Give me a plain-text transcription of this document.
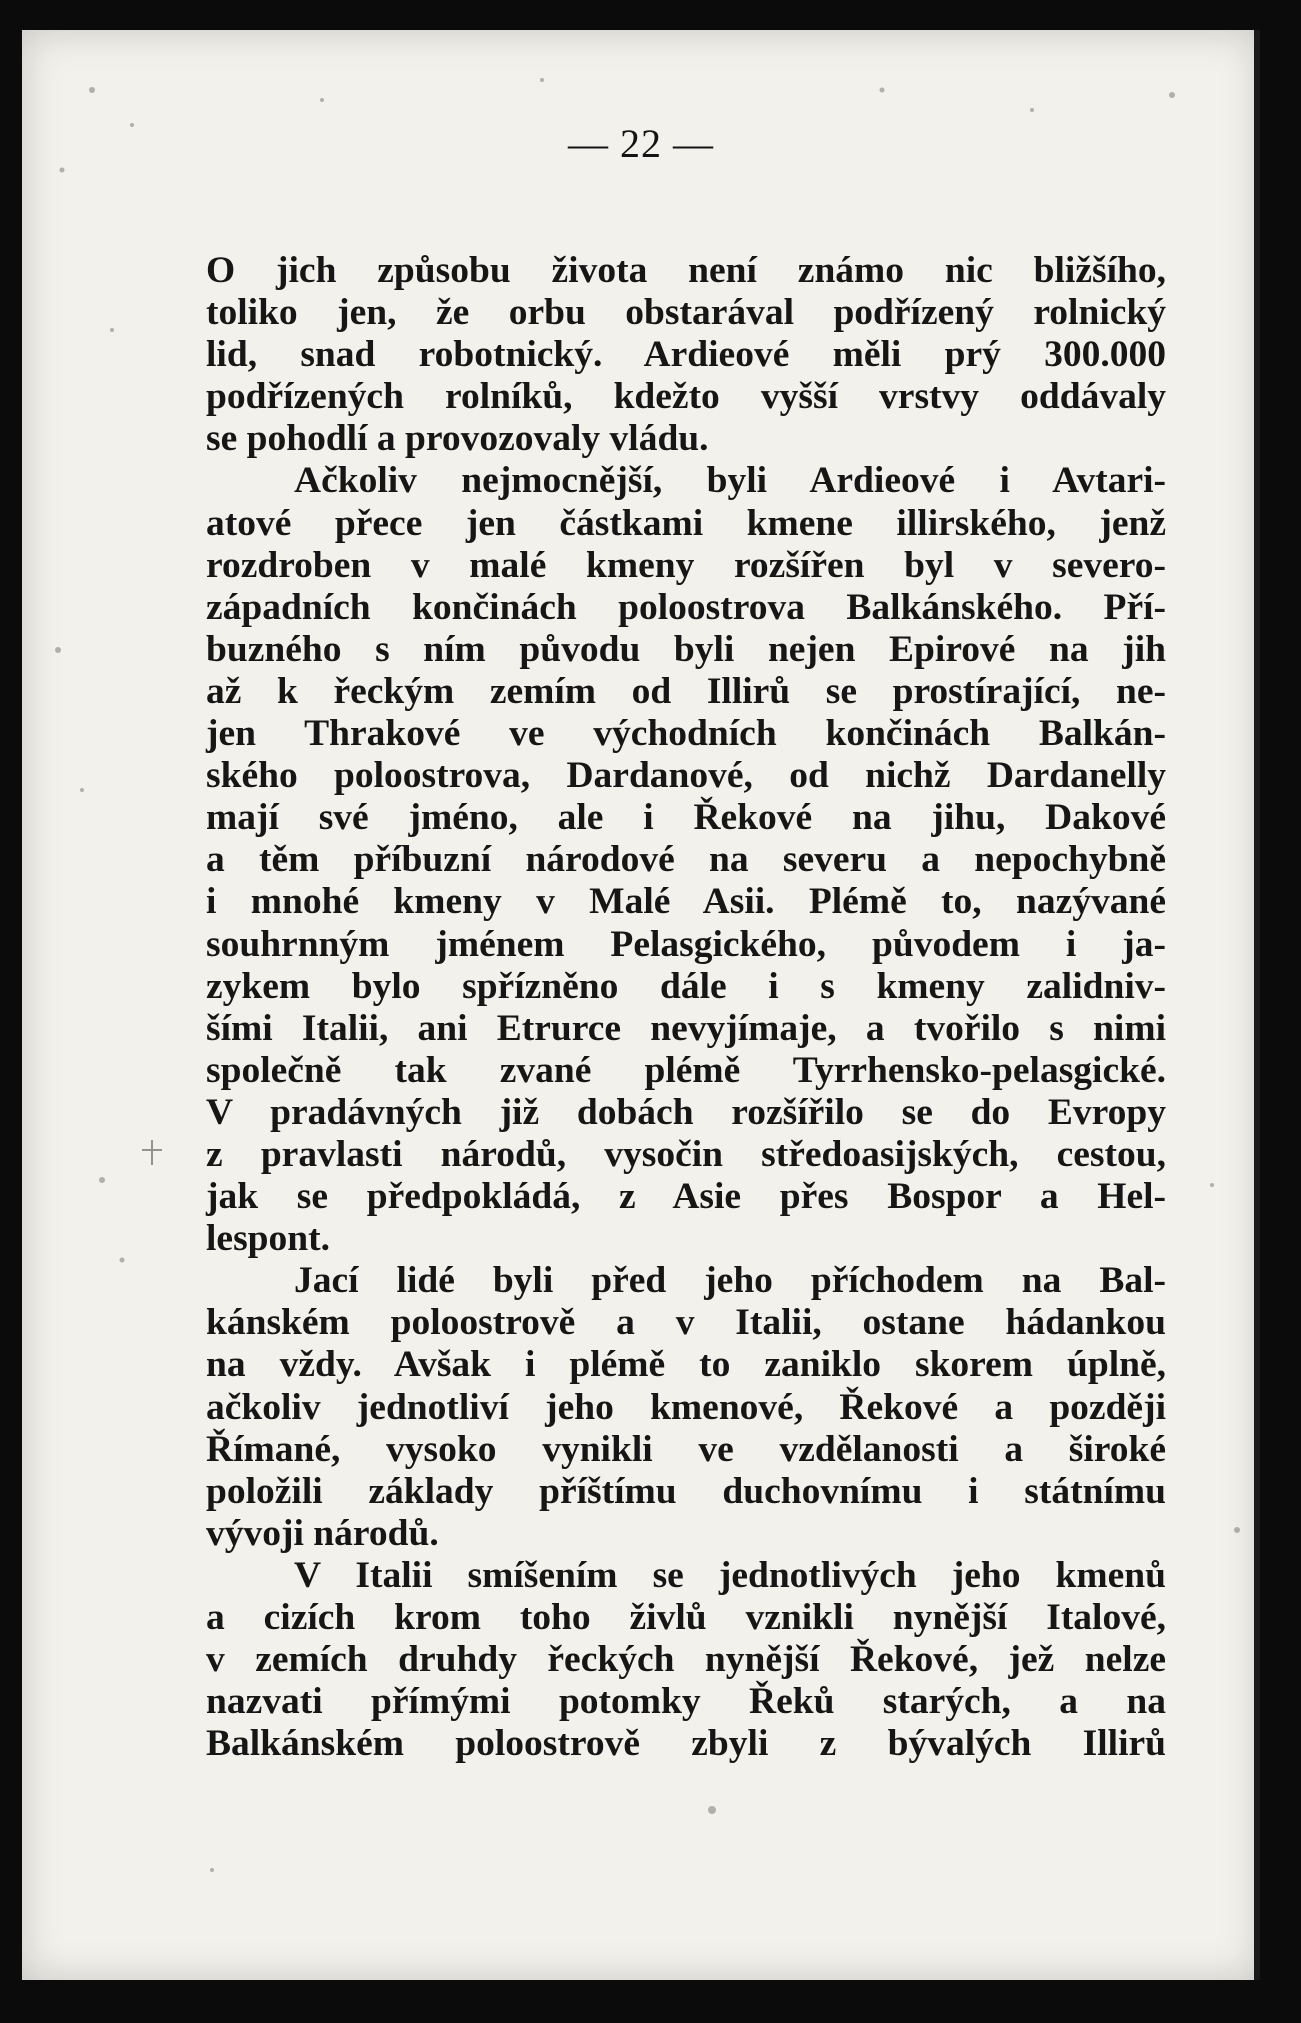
— 22 —
O jich způsobu života není známo nic bližšího,
toliko jen, že orbu obstarával podřízený rolnický
lid, snad robotnický. Ardieové měli prý 300.000
podřízených rolníků, kdežto vyšší vrstvy oddávaly
se pohodlí a provozovaly vládu.
Ačkoliv nejmocnější, byli Ardieové i Avtari-
atové přece jen částkami kmene illirského, jenž
rozdroben v malé kmeny rozšířen byl v severo-
západních končinách poloostrova Balkánského. Pří-
buzného s ním původu byli nejen Epirové na jih
až k řeckým zemím od Illirů se prostírající, ne-
jen Thrakové ve východních končinách Balkán-
ského poloostrova, Dardanové, od nichž Dardanelly
mají své jméno, ale i Řekové na jihu, Dakové
a těm příbuzní národové na severu a nepochybně
i mnohé kmeny v Malé Asii. Plémě to, nazývané
souhrnným jménem Pelasgického, původem i ja-
zykem bylo spřízněno dále i s kmeny zalidniv-
šími Italii, ani Etrurce nevyjímaje, a tvořilo s nimi
společně tak zvané plémě Tyrrhensko-pelasgické.
V pradávných již dobách rozšířilo se do Evropy
z pravlasti národů, vysočin středoasijských, cestou,
jak se předpokládá, z Asie přes Bospor a Hel-
lespont.
Jací lidé byli před jeho příchodem na Bal-
kánském poloostrově a v Italii, ostane hádankou
na vždy. Avšak i plémě to zaniklo skorem úplně,
ačkoliv jednotliví jeho kmenové, Řekové a později
Římané, vysoko vynikli ve vzdělanosti a široké
položili základy příštímu duchovnímu i státnímu
vývoji národů.
V Italii smíšením se jednotlivých jeho kmenů
a cizích krom toho živlů vznikli nynější Italové,
v zemích druhdy řeckých nynější Řekové, jež nelze
nazvati přímými potomky Řeků starých, a na
Balkánském poloostrově zbyli z bývalých Illirů
